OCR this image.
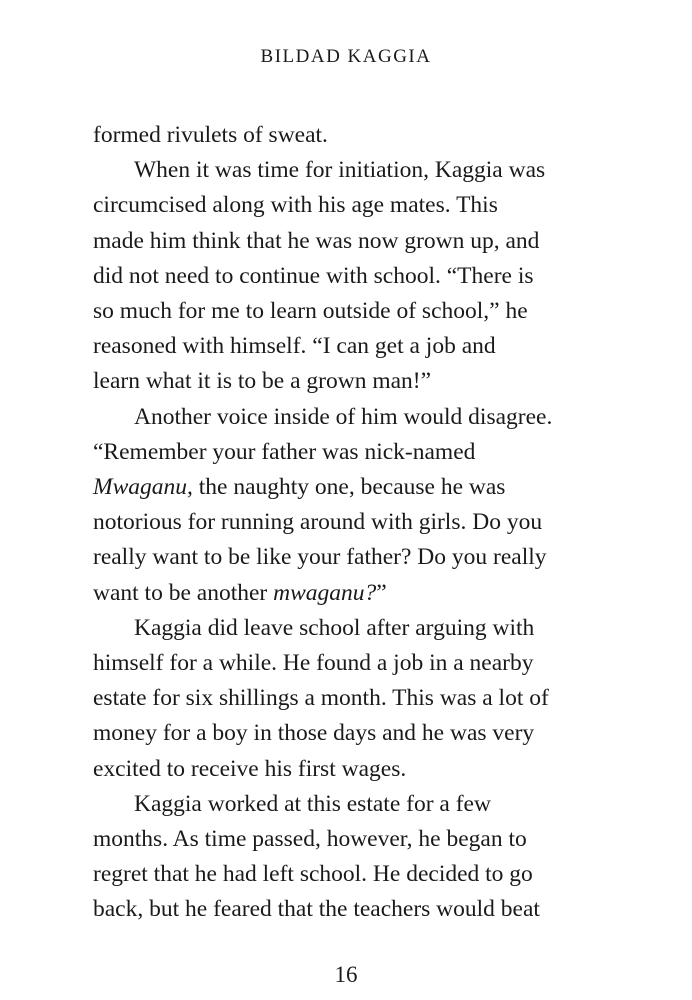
BILDAD KAGGIA
formed rivulets of sweat.
When it was time for initiation, Kaggia was
circumcised along with his age mates. This
made him think that he was now grown up, and
did not need to continue with school. “There is
so much for me to learn outside of school,” he
reasoned with himself. “I can get a job and
learn what it is to be a grown man!”
Another voice inside of him would disagree.
“Remember your father was nick-named
Mwaganu, the naughty one, because he was
notorious for running around with girls. Do you
really want to be like your father? Do you really
want to be another mwaganu?”
Kaggia did leave school after arguing with
himself for a while. He found a job in a nearby
estate for six shillings a month. This was a lot of
money for a boy in those days and he was very
excited to receive his first wages.
Kaggia worked at this estate for a few
months. As time passed, however, he began to
regret that he had left school. He decided to go
back, but he feared that the teachers would beat
16
